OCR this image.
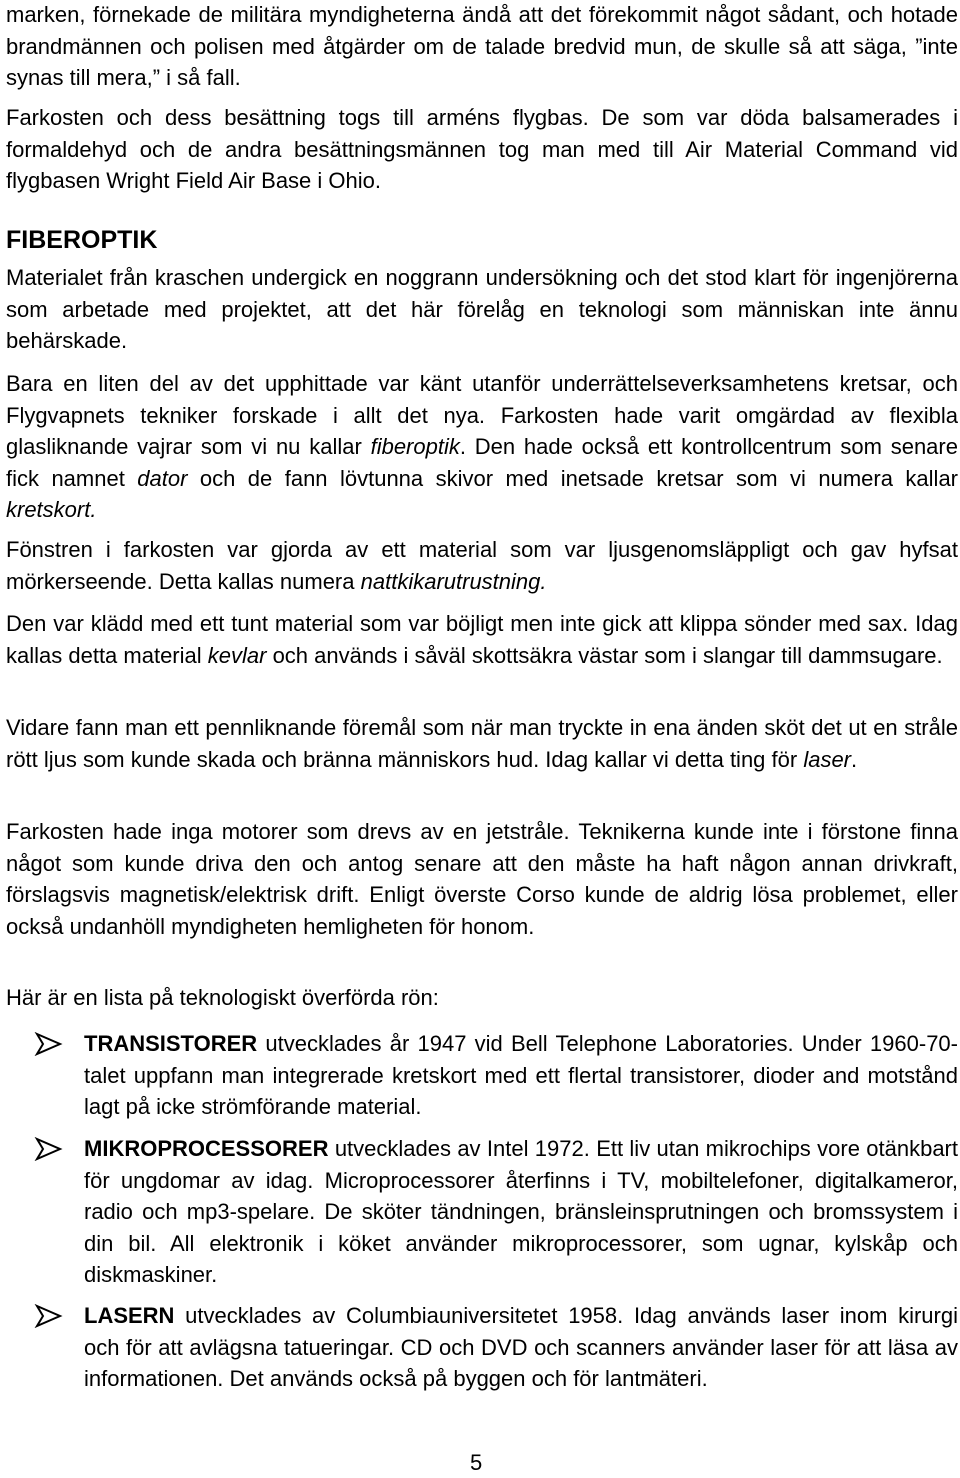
marken, förnekade de militära myndigheterna ändå att det förekommit något sådant, och hotade brandmännen och polisen med åtgärder om de talade bredvid mun, de skulle så att säga, ”inte synas till mera,” i så fall.

Farkosten och dess besättning togs till arméns flygbas. De som var döda balsamerades i formaldehyd och de andra besättningsmännen tog man med till Air Material Command vid flygbasen Wright Field Air Base i Ohio.

FIBEROPTIK

Materialet från kraschen undergick en noggrann undersökning och det stod klart för ingenjörerna som arbetade med projektet, att det här förelåg en teknologi som människan inte ännu behärskade.

Bara en liten del av det upphittade var känt utanför underrättelseverksamhetens kretsar, och Flygvapnets tekniker forskade i allt det nya. Farkosten hade varit omgärdad av flexibla glasliknande vajrar som vi nu kallar fiberoptik. Den hade också ett kontrollcentrum som senare fick namnet dator och de fann lövtunna skivor med inetsade kretsar som vi numera kallar kretskort.

Fönstren i farkosten var gjorda av ett material som var ljusgenomsläppligt och gav hyfsat mörkerseende. Detta kallas numera nattkikarutrustning.

Den var klädd med ett tunt material som var böjligt men inte gick att klippa sönder med sax. Idag kallas detta material kevlar och används i såväl skottsäkra västar som i slangar till dammsugare.

Vidare fann man ett pennliknande föremål som när man tryckte in ena änden sköt det ut en stråle rött ljus som kunde skada och bränna människors hud. Idag kallar vi detta ting för laser.

Farkosten hade inga motorer som drevs av en jetstråle. Teknikerna kunde inte i förstone finna något som kunde driva den och antog senare att den måste ha haft någon annan drivkraft, förslagsvis magnetisk/elektrisk drift. Enligt överste Corso kunde de aldrig lösa problemet, eller också undanhöll myndigheten hemligheten för honom.

Här är en lista på teknologiskt överförda rön:

TRANSISTORER utvecklades år 1947 vid Bell Telephone Laboratories. Under 1960-70-talet uppfann man integrerade kretskort med ett flertal transistorer, dioder and motstånd lagt på icke strömförande material.

MIKROPROCESSORER utvecklades av Intel 1972. Ett liv utan mikrochips vore otänkbart för ungdomar av idag. Microprocessorer återfinns i TV, mobiltelefoner, digitalkameror, radio och mp3-spelare. De sköter tändningen, bränsleinsprutningen och bromssystem i din bil. All elektronik i köket använder mikroprocessorer, som ugnar, kylskåp och diskmaskiner.

LASERN utvecklades av Columbiauniversitetet 1958. Idag används laser inom kirurgi och för att avlägsna tatueringar. CD och DVD och scanners använder laser för att läsa av informationen. Det används också på byggen och för lantmäteri.

5
